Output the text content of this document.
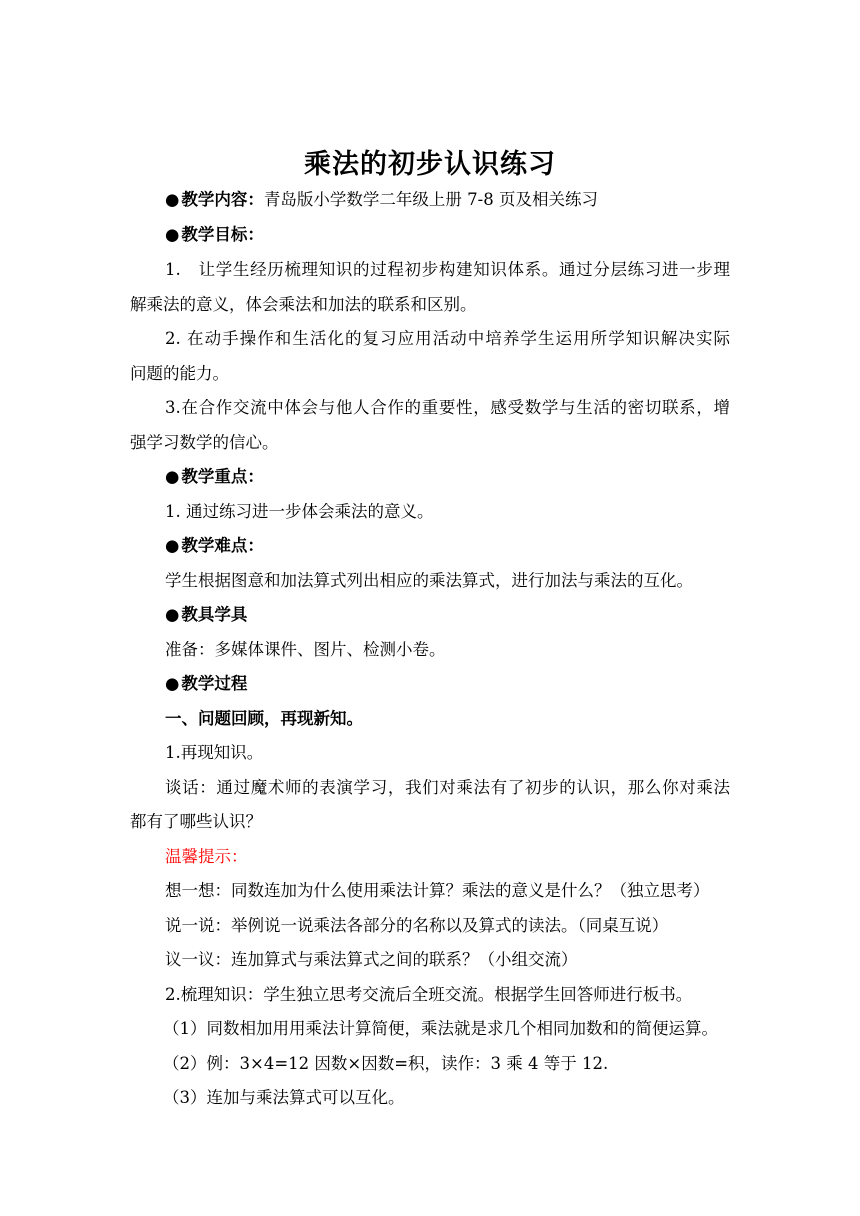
乘法的初步认识练习
● 教学内容：青岛版小学数学二年级上册 7-8 页及相关练习
● 教学目标：
1.　让学生经历梳理知识的过程初步构建知识体系。通过分层练习进一步理
解乘法的意义，体会乘法和加法的联系和区别。
2. 在动手操作和生活化的复习应用活动中培养学生运用所学知识解决实际
问题的能力。
3.在合作交流中体会与他人合作的重要性，感受数学与生活的密切联系，增
强学习数学的信心。
● 教学重点：
1. 通过练习进一步体会乘法的意义。
● 教学难点：
学生根据图意和加法算式列出相应的乘法算式，进行加法与乘法的互化。
● 教具学具
准备：多媒体课件、图片、检测小卷。
● 教学过程
一、问题回顾，再现新知。
1.再现知识。
谈话：通过魔术师的表演学习，我们对乘法有了初步的认识，那么你对乘法
都有了哪些认识？
温馨提示：
想一想：同数连加为什么使用乘法计算？乘法的意义是什么？（独立思考）
说一说：举例说一说乘法各部分的名称以及算式的读法。（同桌互说）
议一议：连加算式与乘法算式之间的联系？（小组交流）
2.梳理知识：学生独立思考交流后全班交流。根据学生回答师进行板书。
（1）同数相加用用乘法计算简便，乘法就是求几个相同加数和的简便运算。
（2）例：3×4=12 因数×因数=积，读作：3 乘 4 等于 12.
（3）连加与乘法算式可以互化。
